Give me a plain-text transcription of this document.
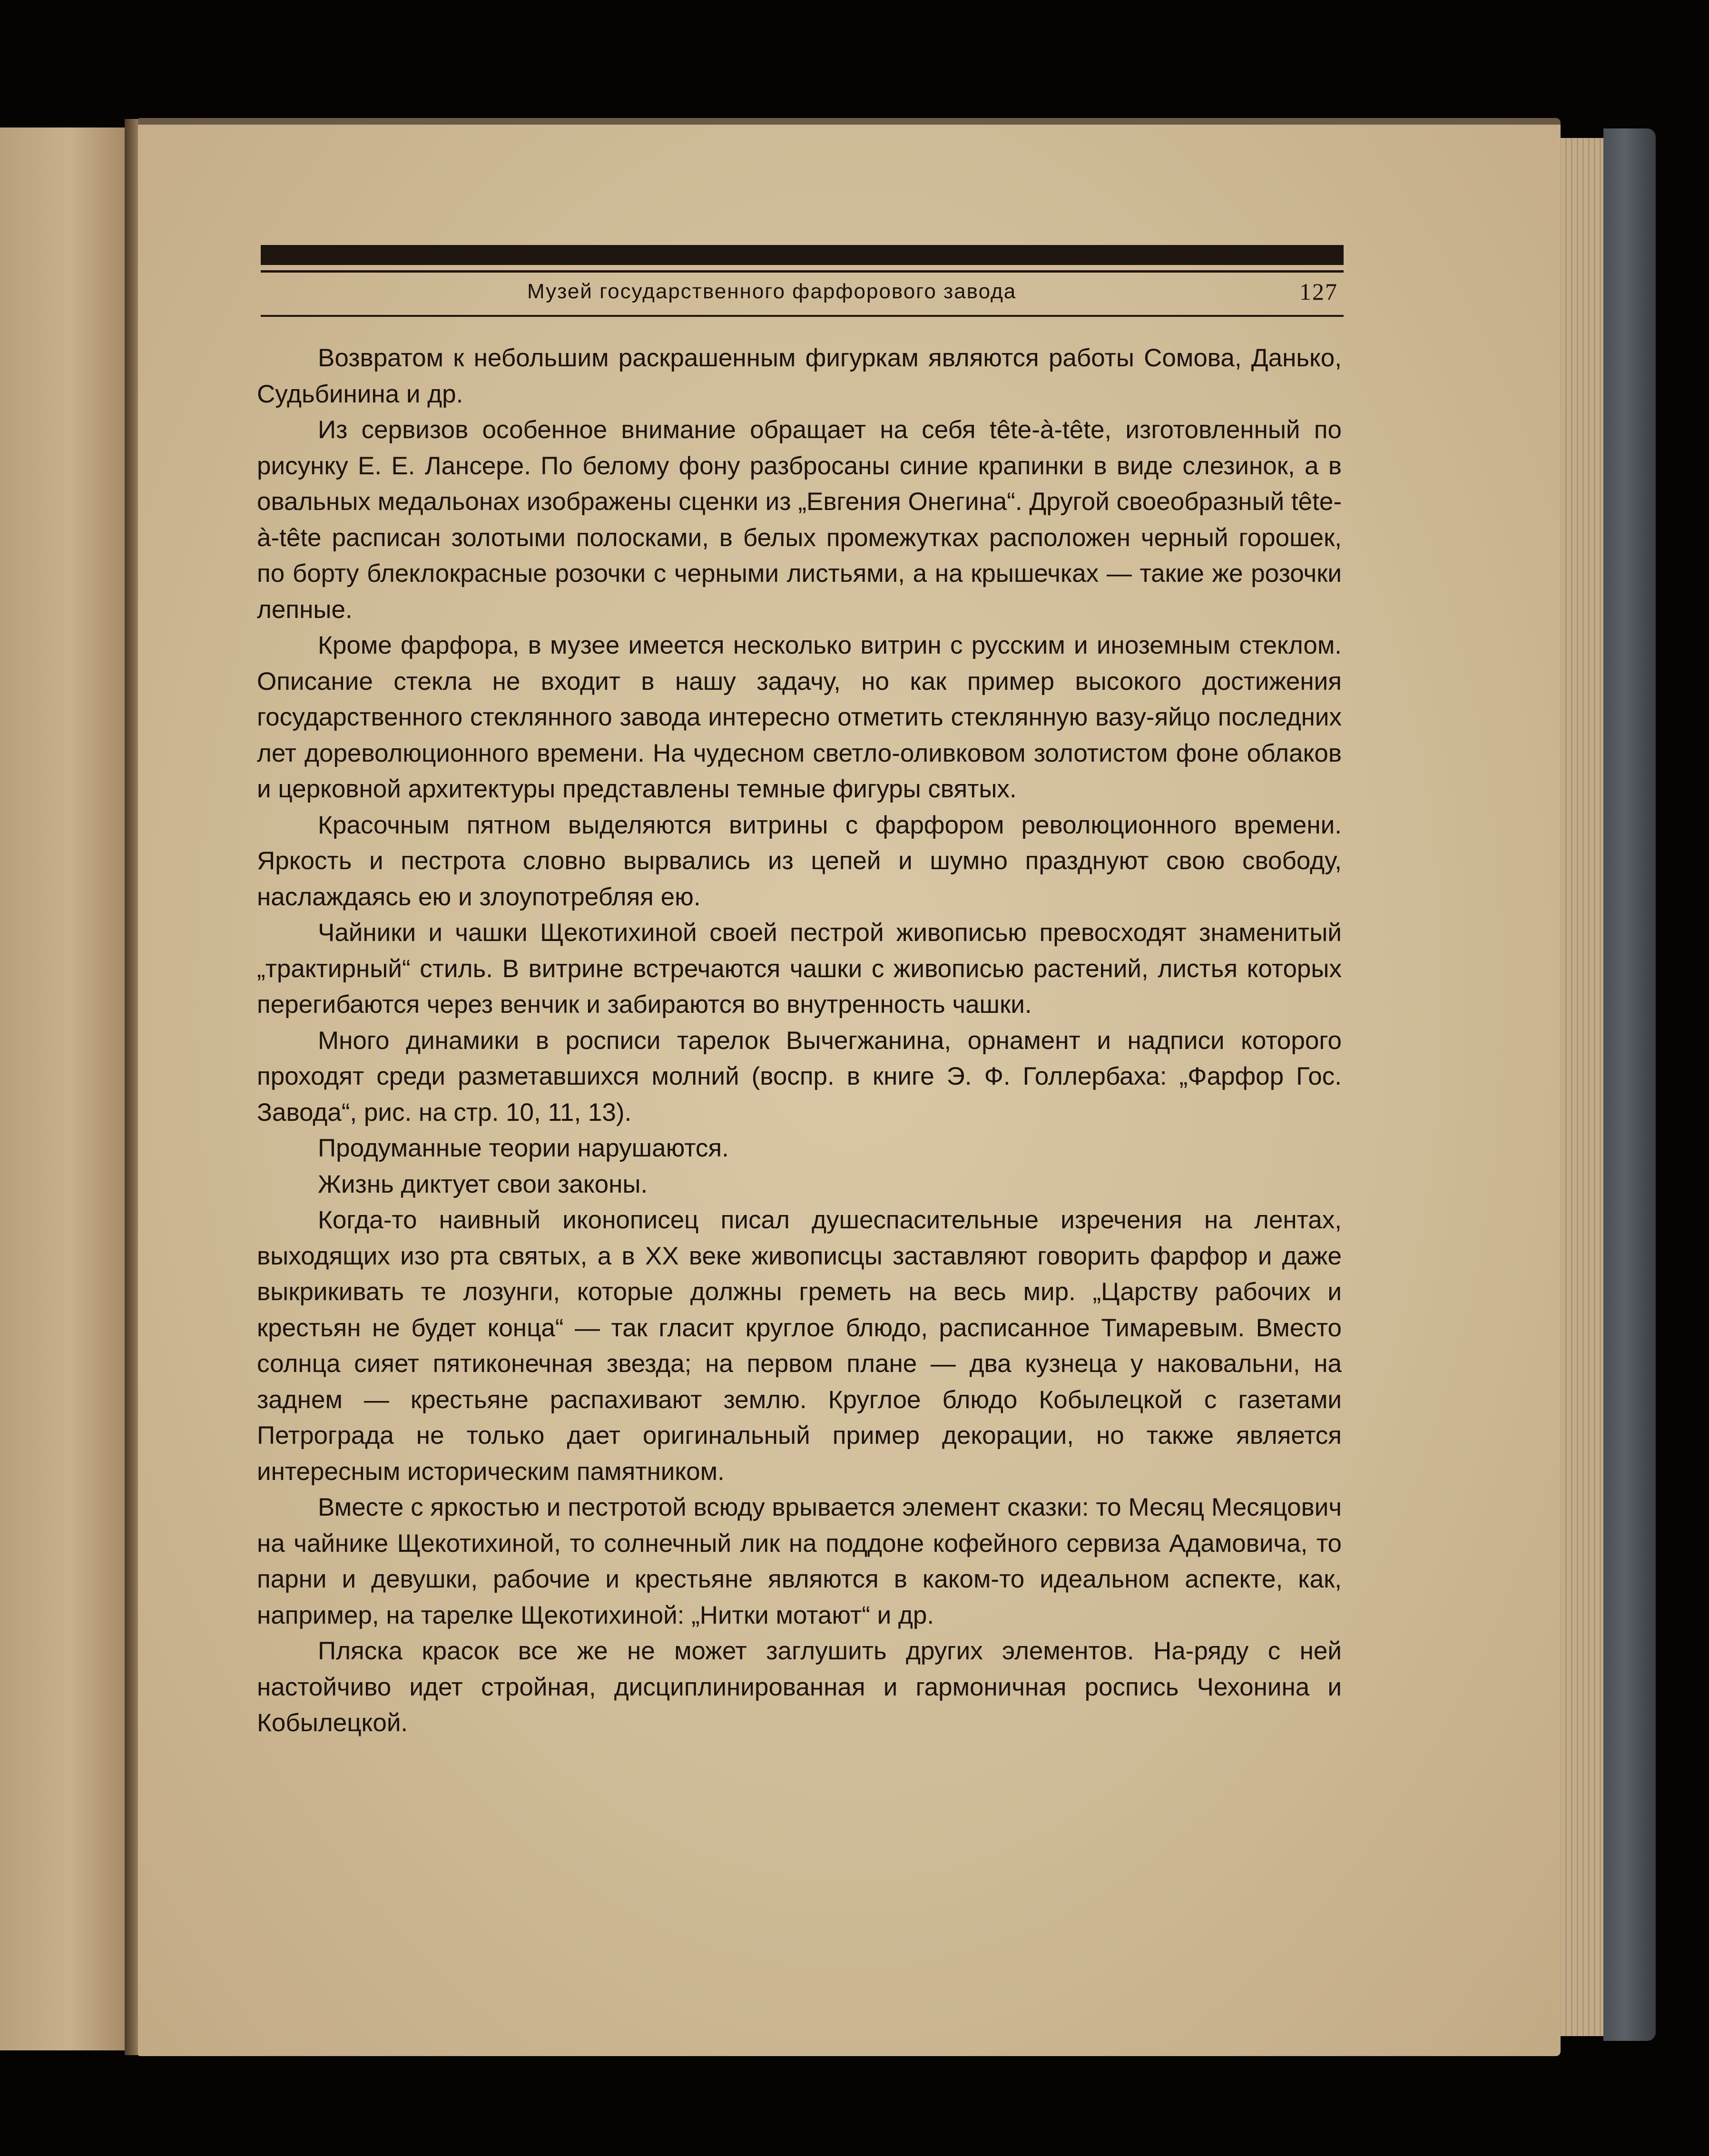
Музей государственного фарфорового завода	127

Возвратом к небольшим раскрашенным фигуркам являются работы Сомова, Данько, Судьбинина и др.

Из сервизов особенное внимание обращает на себя tête-à-tête, изготовленный по рисунку Е. Е. Лансере. По белому фону разбросаны синие крапинки в виде слезинок, а в овальных медальонах изображены сценки из „Евгения Онегина“. Другой своеобразный tête-à-tête расписан золотыми полосками, в белых промежутках расположен черный горошек, по борту блеклокрасные розочки с черными листьями, а на крышечках — такие же розочки лепные.

Кроме фарфора, в музее имеется несколько витрин с русским и иноземным стеклом. Описание стекла не входит в нашу задачу, но как пример высокого достижения государственного стеклянного завода интересно отметить стеклянную вазу-яйцо последних лет дореволюционного времени. На чудесном светло-оливковом золотистом фоне облаков и церковной архитектуры представлены темные фигуры святых.

Красочным пятном выделяются витрины с фарфором революционного времени. Яркость и пестрота словно вырвались из цепей и шумно празднуют свою свободу, наслаждаясь ею и злоупотребляя ею.

Чайники и чашки Щекотихиной своей пестрой живописью превосходят знаменитый „трактирный“ стиль. В витрине встречаются чашки с живописью растений, листья которых перегибаются через венчик и забираются во внутренность чашки.

Много динамики в росписи тарелок Вычегжанина, орнамент и надписи которого проходят среди разметавшихся молний (воспр. в книге Э. Ф. Голлербаха: „Фарфор Гос. Завода“, рис. на стр. 10, 11, 13).

Продуманные теории нарушаются.

Жизнь диктует свои законы.

Когда-то наивный иконописец писал душеспасительные изречения на лентах, выходящих изо рта святых, а в XX веке живописцы заставляют говорить фарфор и даже выкрикивать те лозунги, которые должны греметь на весь мир. „Царству рабочих и крестьян не будет конца“ — так гласит круглое блюдо, расписанное Тимаревым. Вместо солнца сияет пятиконечная звезда; на первом плане — два кузнеца у наковальни, на заднем — крестьяне распахивают землю. Круглое блюдо Кобылецкой с газетами Петрограда не только дает оригинальный пример декорации, но также является интересным историческим памятником.

Вместе с яркостью и пестротой всюду врывается элемент сказки: то Месяц Месяцович на чайнике Щекотихиной, то солнечный лик на поддоне кофейного сервиза Адамовича, то парни и девушки, рабочие и крестьяне являются в каком-то идеальном аспекте, как, например, на тарелке Щекотихиной: „Нитки мотают“ и др.

Пляска красок все же не может заглушить других элементов. На-ряду с ней настойчиво идет стройная, дисциплинированная и гармоничная роспись Чехонина и Кобылецкой.
